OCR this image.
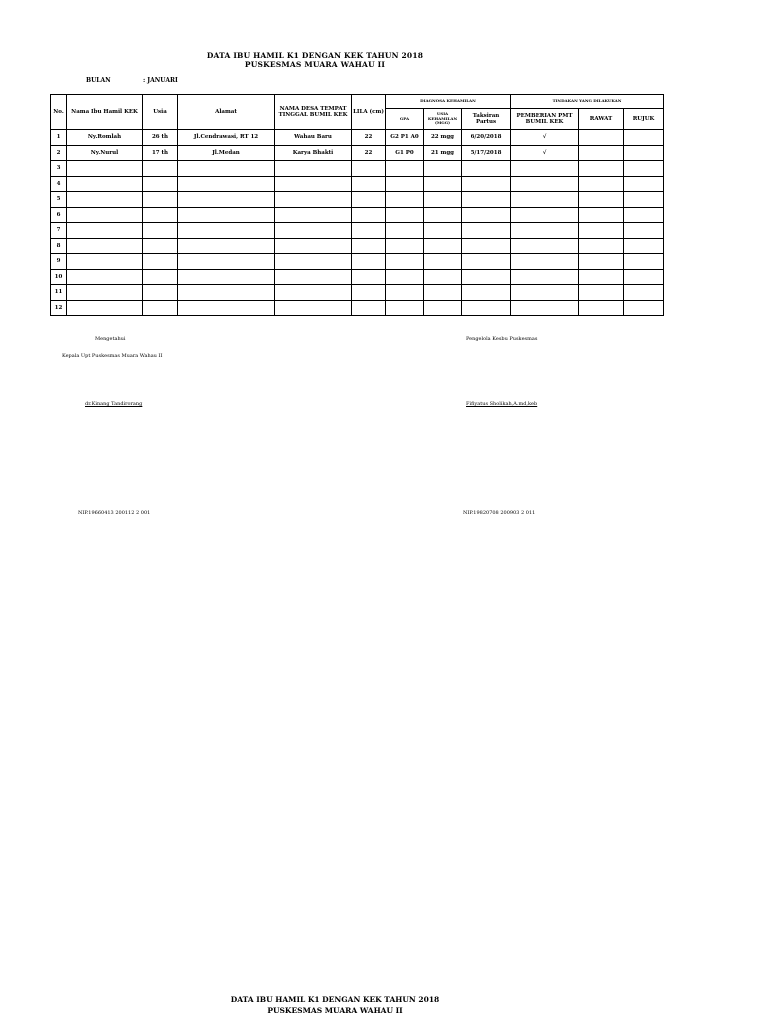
DATA IBU HAMIL K1 DENGAN KEK TAHUN 2018
PUSKESMAS MUARA WAHAU II
BULAN	: JANUARI
No.	Nama Ibu Hamil KEK	Usia	Alamat	NAMA DESA TEMPAT TINGGAL BUMIL KEK	LILA (cm)	DIAGNOSA KEHAMILAN			TINDAKAN YANG DILAKUKAN		
						GPA	USIA KEHAMILAN (MGG)	Taksiran Partus	PEMBERIAN PMT BUMIL KEK	RAWAT	RUJUK
1	Ny.Romlah	26 th	Jl.Cendrawasi, RT 12	Wahau Baru	22	G2 P1 A0	22 mgg	6/20/2018	√		
2	Ny.Nurul	17 th	Jl.Medan	Karya Bhakti	22	G1 P0	21 mgg	5/17/2018	√		
3											
4											
5											
6											
7											
8											
9											
10											
11											
12											
Mengetahui
Kepala Upt Puskesmas Muara Wahau II
dr.Kinang Tandirorang
NIP.19660413 200112 2 001
Pengelola Kesbu Puskesmas
Fifiyatus Sholikah,A.md,keb
NIP.19820708 200903 2 011
DATA IBU HAMIL K1 DENGAN KEK TAHUN 2018
PUSKESMAS MUARA WAHAU II
